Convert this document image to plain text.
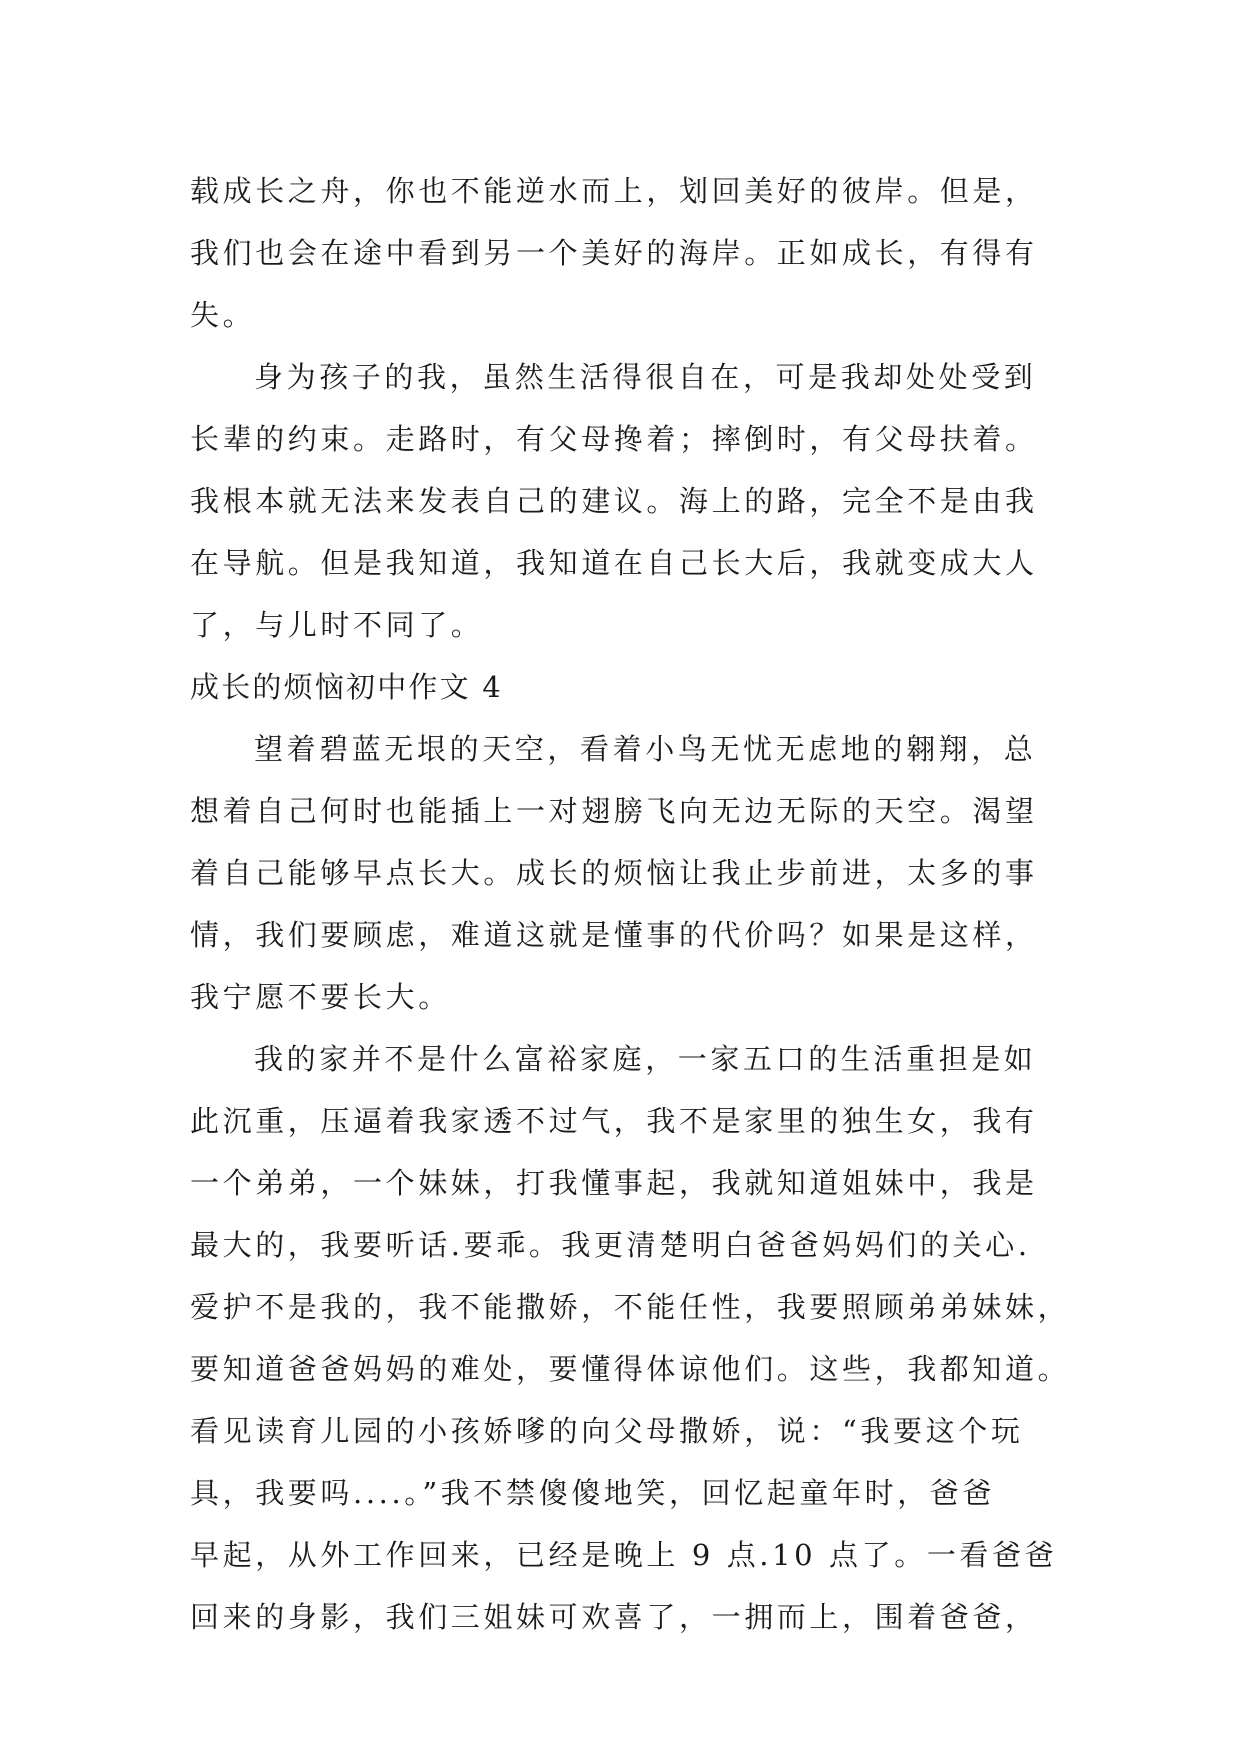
载成长之舟，你也不能逆水而上，划回美好的彼岸。但是，

我们也会在途中看到另一个美好的海岸。正如成长，有得有

失。

身为孩子的我，虽然生活得很自在，可是我却处处受到

长辈的约束。走路时，有父母搀着；摔倒时，有父母扶着。

我根本就无法来发表自己的建议。海上的路，完全不是由我

在导航。但是我知道，我知道在自己长大后，我就变成大人

了，与儿时不同了。

成长的烦恼初中作文 4

望着碧蓝无垠的天空，看着小鸟无忧无虑地的翱翔，总

想着自己何时也能插上一对翅膀飞向无边无际的天空。渴望

着自己能够早点长大。成长的烦恼让我止步前进，太多的事

情，我们要顾虑，难道这就是懂事的代价吗？如果是这样，

我宁愿不要长大。

我的家并不是什么富裕家庭，一家五口的生活重担是如

此沉重，压逼着我家透不过气，我不是家里的独生女，我有

一个弟弟，一个妹妹，打我懂事起，我就知道姐妹中，我是

最大的，我要听话.要乖。我更清楚明白爸爸妈妈们的关心.

爱护不是我的，我不能撒娇，不能任性，我要照顾弟弟妹妹，

要知道爸爸妈妈的难处，要懂得体谅他们。这些，我都知道。

看见读育儿园的小孩娇嗲的向父母撒娇，说：“我要这个玩

具，我要吗....。”我不禁傻傻地笑，回忆起童年时，爸爸

早起，从外工作回来，已经是晚上 9 点.10 点了。一看爸爸

回来的身影，我们三姐妹可欢喜了，一拥而上，围着爸爸，
